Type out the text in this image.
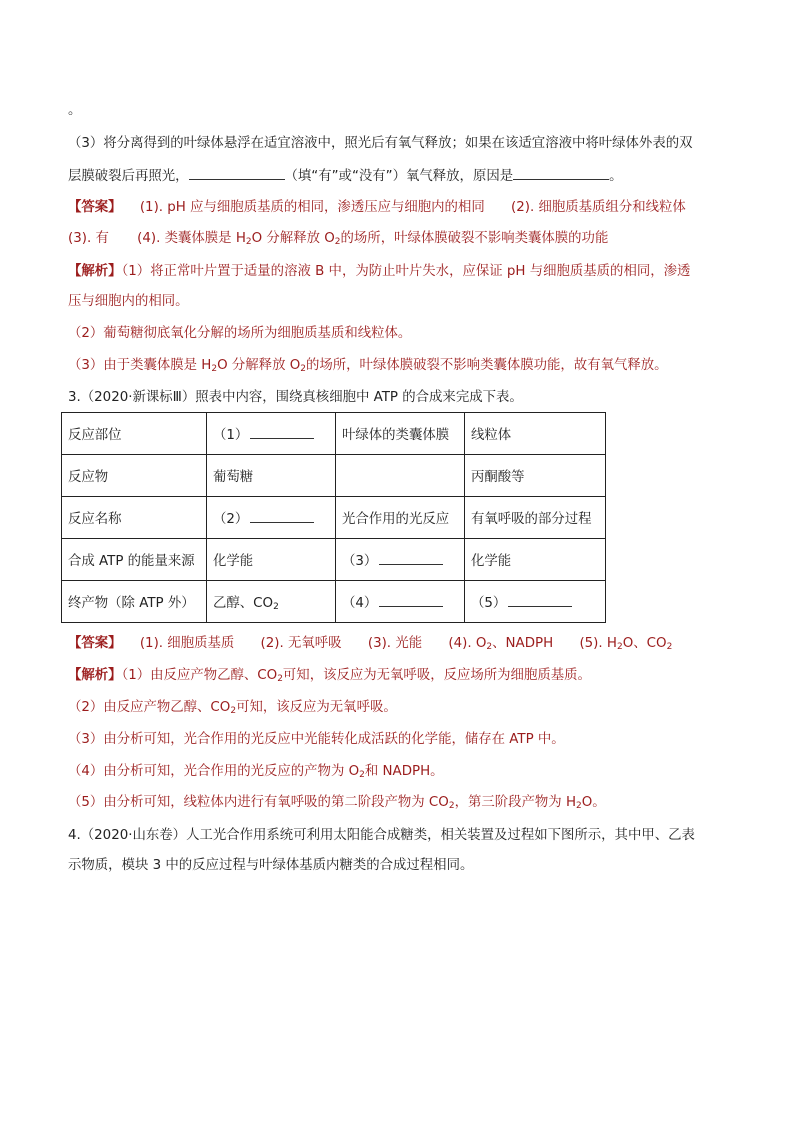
。
（3）将分离得到的叶绿体悬浮在适宜溶液中，照光后有氧气释放；如果在该适宜溶液中将叶绿体外表的双
层膜破裂后再照光，	（填“有”或“没有”）氧气释放，原因是	。
【答案】 (1). pH 应与细胞质基质的相同，渗透压应与细胞内的相同 (2). 细胞质基质组分和线粒体
(3). 有 (4). 类囊体膜是 $H_2O$ 分解释放 $O_2$的场所，叶绿体膜破裂不影响类囊体膜的功能
【解析】（1）将正常叶片置于适量的溶液 B 中，为防止叶片失水，应保证 pH 与细胞质基质的相同，渗透
压与细胞内的相同。
（2）葡萄糖彻底氧化分解的场所为细胞质基质和线粒体。
（3）由于类囊体膜是 $H_2O$ 分解释放 $O_2$的场所，叶绿体膜破裂不影响类囊体膜功能，故有氧气释放。
3.（2020·新课标Ⅲ）照表中内容，围绕真核细胞中 ATP 的合成来完成下表。
反应部位	（1）	叶绿体的类囊体膜	线粒体
反应物	葡萄糖		丙酮酸等
反应名称	（2）	光合作用的光反应	有氧呼吸的部分过程
合成 ATP 的能量来源	化学能	（3）	化学能
终产物（除 ATP 外）	乙醇、$CO_2$	（4）	（5）
【答案】 (1). 细胞质基质 (2). 无氧呼吸 (3). 光能 (4). $O_2$、NADPH (5). $H_2O$、$CO_2$
【解析】（1）由反应产物乙醇、$CO_2$可知，该反应为无氧呼吸，反应场所为细胞质基质。
（2）由反应产物乙醇、$CO_2$可知，该反应为无氧呼吸。
（3）由分析可知，光合作用的光反应中光能转化成活跃的化学能，储存在 ATP 中。
（4）由分析可知，光合作用的光反应的产物为 $O_2$和 NADPH。
（5）由分析可知，线粒体内进行有氧呼吸的第二阶段产物为 $CO_2$，第三阶段产物为 $H_2O$。
4.（2020·山东卷）人工光合作用系统可利用太阳能合成糖类，相关装置及过程如下图所示，其中甲、乙表
示物质，模块 3 中的反应过程与叶绿体基质内糖类的合成过程相同。
